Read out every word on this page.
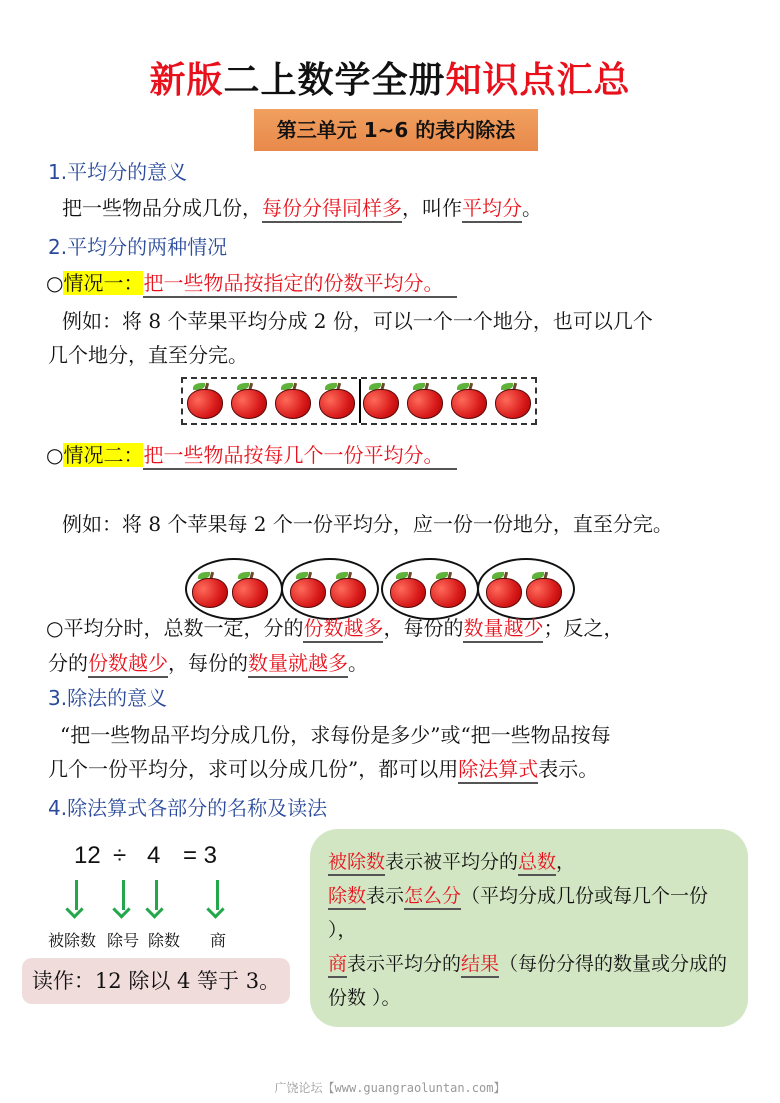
新版二上数学全册知识点汇总
第三单元 1~6 的表内除法
1.平均分的意义
把一些物品分成几份，每份分得同样多，叫作平均分。
2.平均分的两种情况
○情况一：把一些物品按指定的份数平均分。
例如：将 8 个苹果平均分成 2 份，可以一个一个地分，也可以几个
几个地分，直至分完。
○情况二：把一些物品按每几个一份平均分。
例如：将 8 个苹果每 2 个一份平均分，应一份一份地分，直至分完。
○平均分时，总数一定，分的份数越多，每份的数量越少；反之，
分的份数越少，每份的数量就越多。
3.除法的意义
“把一些物品平均分成几份，求每份是多少”或“把一些物品按每
几个一份平均分，求可以分成几份”，都可以用除法算式表示。
4.除法算式各部分的名称及读法
12 ÷ 4 = 3
被除数 除号 除数 商
读作：12 除以 4 等于 3。
被除数表示被平均分的总数，
除数表示怎么分（平均分成几份或每几个一份 ），
商表示平均分的结果（每份分得的数量或分成的份数 ）。
广饶论坛【www.guangraoluntan.com】
